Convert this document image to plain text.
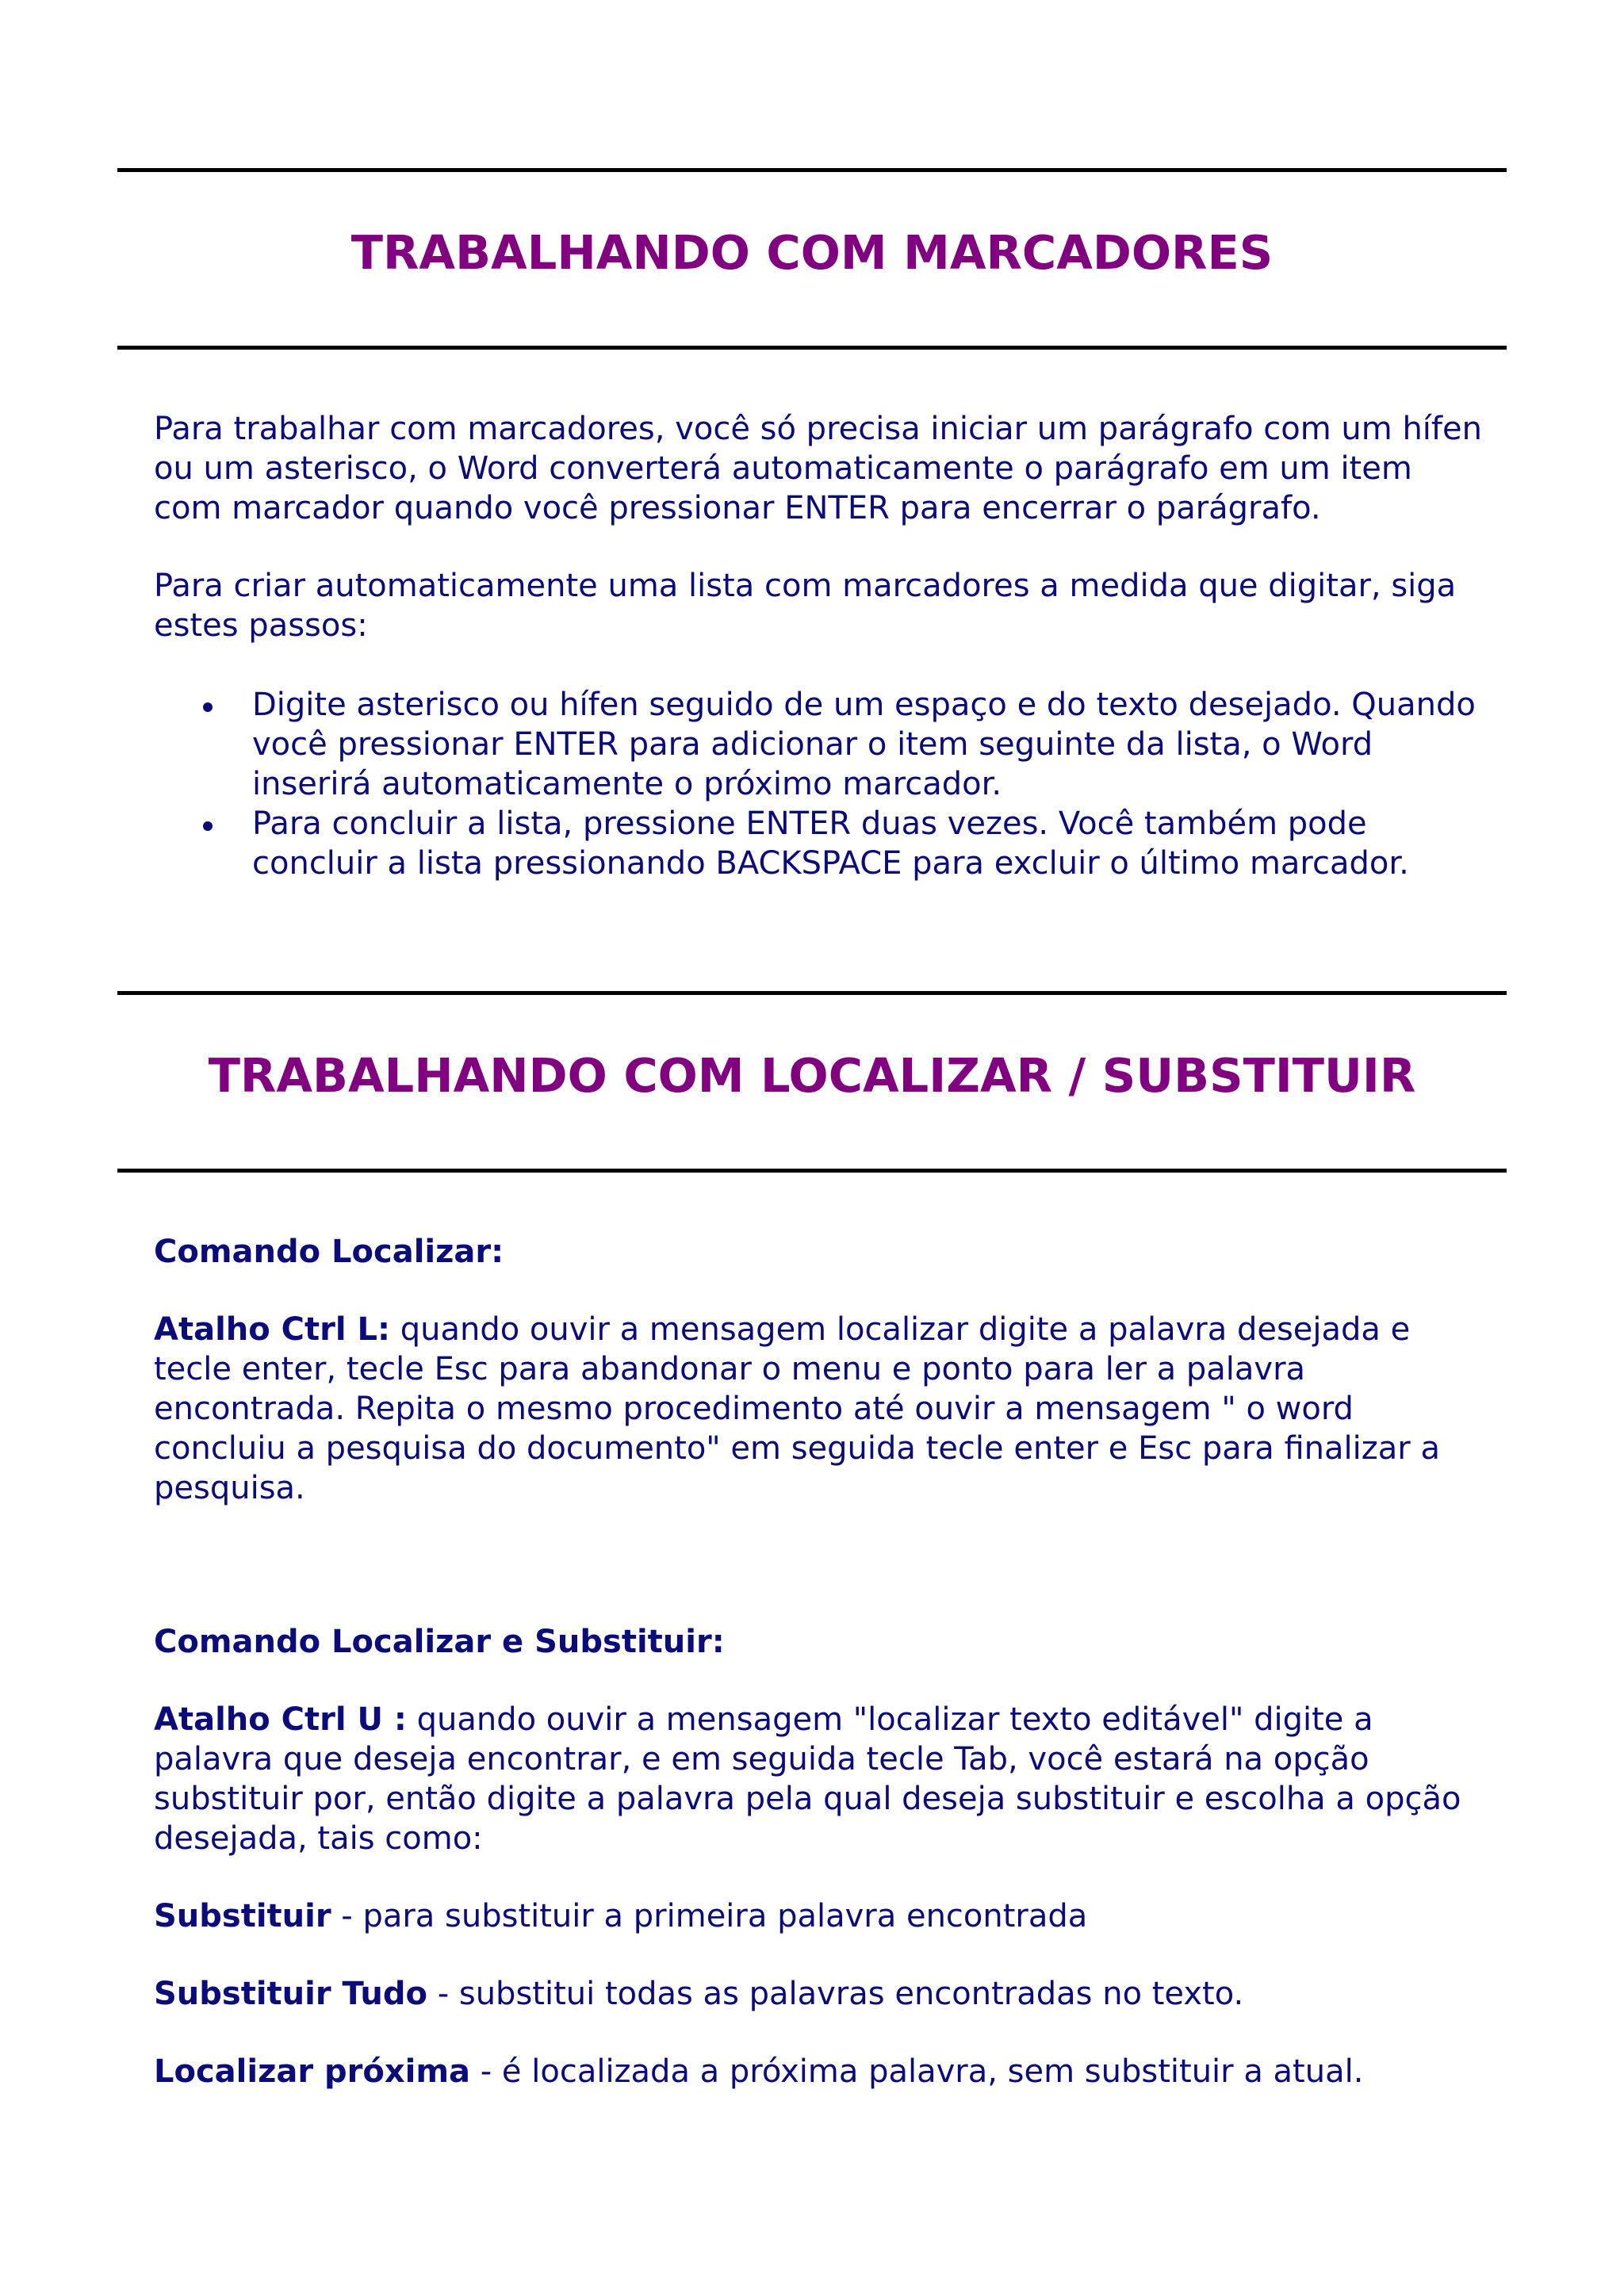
TRABALHANDO COM MARCADORES

Para trabalhar com marcadores, você só precisa iniciar um parágrafo com um hífen ou um asterisco, o Word converterá automaticamente o parágrafo em um item com marcador quando você pressionar ENTER para encerrar o parágrafo.

Para criar automaticamente uma lista com marcadores a medida que digitar, siga estes passos:

Digite asterisco ou hífen seguido de um espaço e do texto desejado. Quando você pressionar ENTER para adicionar o item seguinte da lista, o Word inserirá automaticamente o próximo marcador.
Para concluir a lista, pressione ENTER duas vezes. Você também pode concluir a lista pressionando BACKSPACE para excluir o último marcador.
TRABALHANDO COM LOCALIZAR / SUBSTITUIR

Comando Localizar:

Atalho Ctrl L: quando ouvir a mensagem localizar digite a palavra desejada e tecle enter, tecle Esc para abandonar o menu e ponto para ler a palavra encontrada. Repita o mesmo procedimento até ouvir a mensagem " o word concluiu a pesquisa do documento" em seguida tecle enter e Esc para finalizar a pesquisa.

Comando Localizar e Substituir:

Atalho Ctrl U : quando ouvir a mensagem "localizar texto editável" digite a palavra que deseja encontrar, e em seguida tecle Tab, você estará na opção substituir por, então digite a palavra pela qual deseja substituir e escolha a opção desejada, tais como:

Substituir - para substituir a primeira palavra encontrada

Substituir Tudo - substitui todas as palavras encontradas no texto.

Localizar próxima - é localizada a próxima palavra, sem substituir a atual.
